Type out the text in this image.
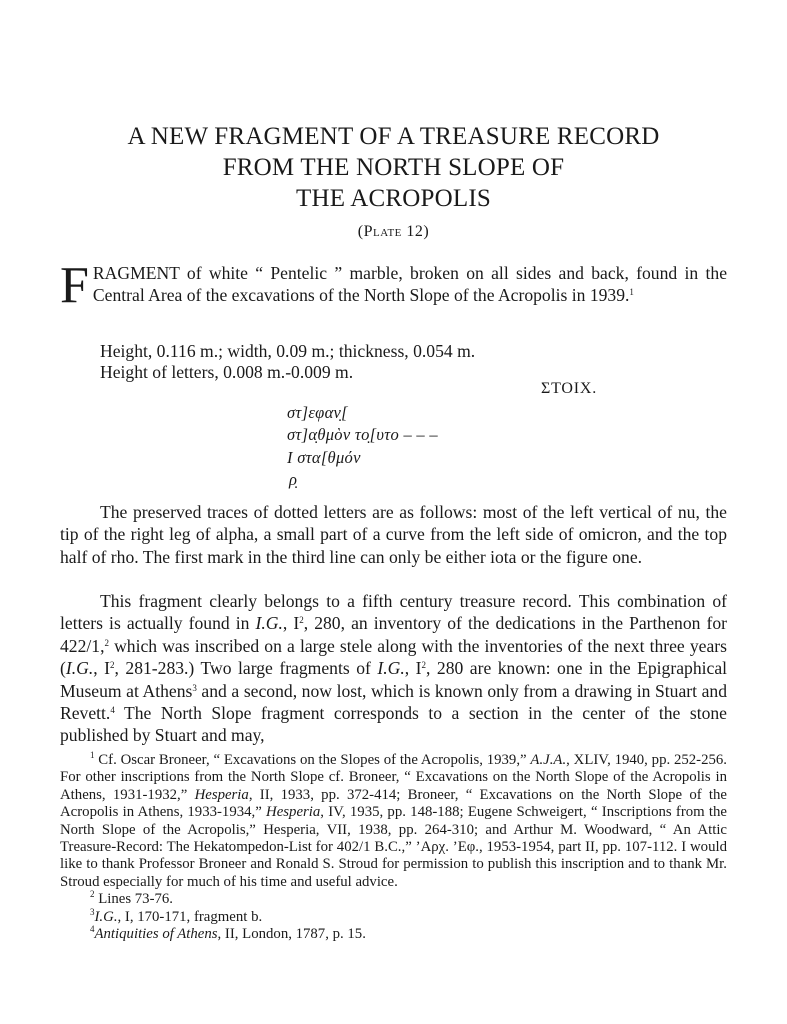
A NEW FRAGMENT OF A TREASURE RECORD
FROM THE NORTH SLOPE OF
THE ACROPOLIS
(Plate 12)
FRAGMENT of white “ Pentelic ” marble, broken on all sides and back, found in the Central Area of the excavations of the North Slope of the Acropolis in 1939.$^1$
Height, 0.116 m.; width, 0.09 m.; thickness, 0.054 m.
Height of letters, 0.008 m.-0.009 m.
ΣTOIX.
στ]εφαν̣[
στ]α̣θμὸν το̣[υτο – – –
Ι στα[θμόν
ρ̣
The preserved traces of dotted letters are as follows: most of the left vertical of nu, the tip of the right leg of alpha, a small part of a curve from the left side of omicron, and the top half of rho. The first mark in the third line can only be either iota or the figure one.
This fragment clearly belongs to a fifth century treasure record. This combination of letters is actually found in I.G., $I^2$, 280, an inventory of the dedications in the Parthenon for 422/1,$^2$ which was inscribed on a large stele along with the inventories of the next three years (I.G., $I^2$, 281-283.) Two large fragments of I.G., $I^2$, 280 are known: one in the Epigraphical Museum at Athens$^3$ and a second, now lost, which is known only from a drawing in Stuart and Revett.$^4$ The North Slope fragment corresponds to a section in the center of the stone published by Stuart and may,

$^1$ Cf. Oscar Broneer, “ Excavations on the Slopes of the Acropolis, 1939,” A.J.A., XLIV, 1940, pp. 252-256. For other inscriptions from the North Slope cf. Broneer, “ Excavations on the North Slope of the Acropolis in Athens, 1931-1932,” Hesperia, II, 1933, pp. 372-414; Broneer, “ Excavations on the North Slope of the Acropolis in Athens, 1933-1934,” Hesperia, IV, 1935, pp. 148-188; Eugene Schweigert, “ Inscriptions from the North Slope of the Acropolis,” Hesperia, VII, 1938, pp. 264-310; and Arthur M. Woodward, “ An Attic Treasure-Record: The Hekatompedon-List for 402/1 B.C.,” ’Αρχ. ’Εφ., 1953-1954, part II, pp. 107-112. I would like to thank Professor Broneer and Ronald S. Stroud for permission to publish this inscription and to thank Mr. Stroud especially for much of his time and useful advice.

$^2$ Lines 73-76.

$^3$I.G., I, 170-171, fragment b.

$^4$Antiquities of Athens, II, London, 1787, p. 15.
